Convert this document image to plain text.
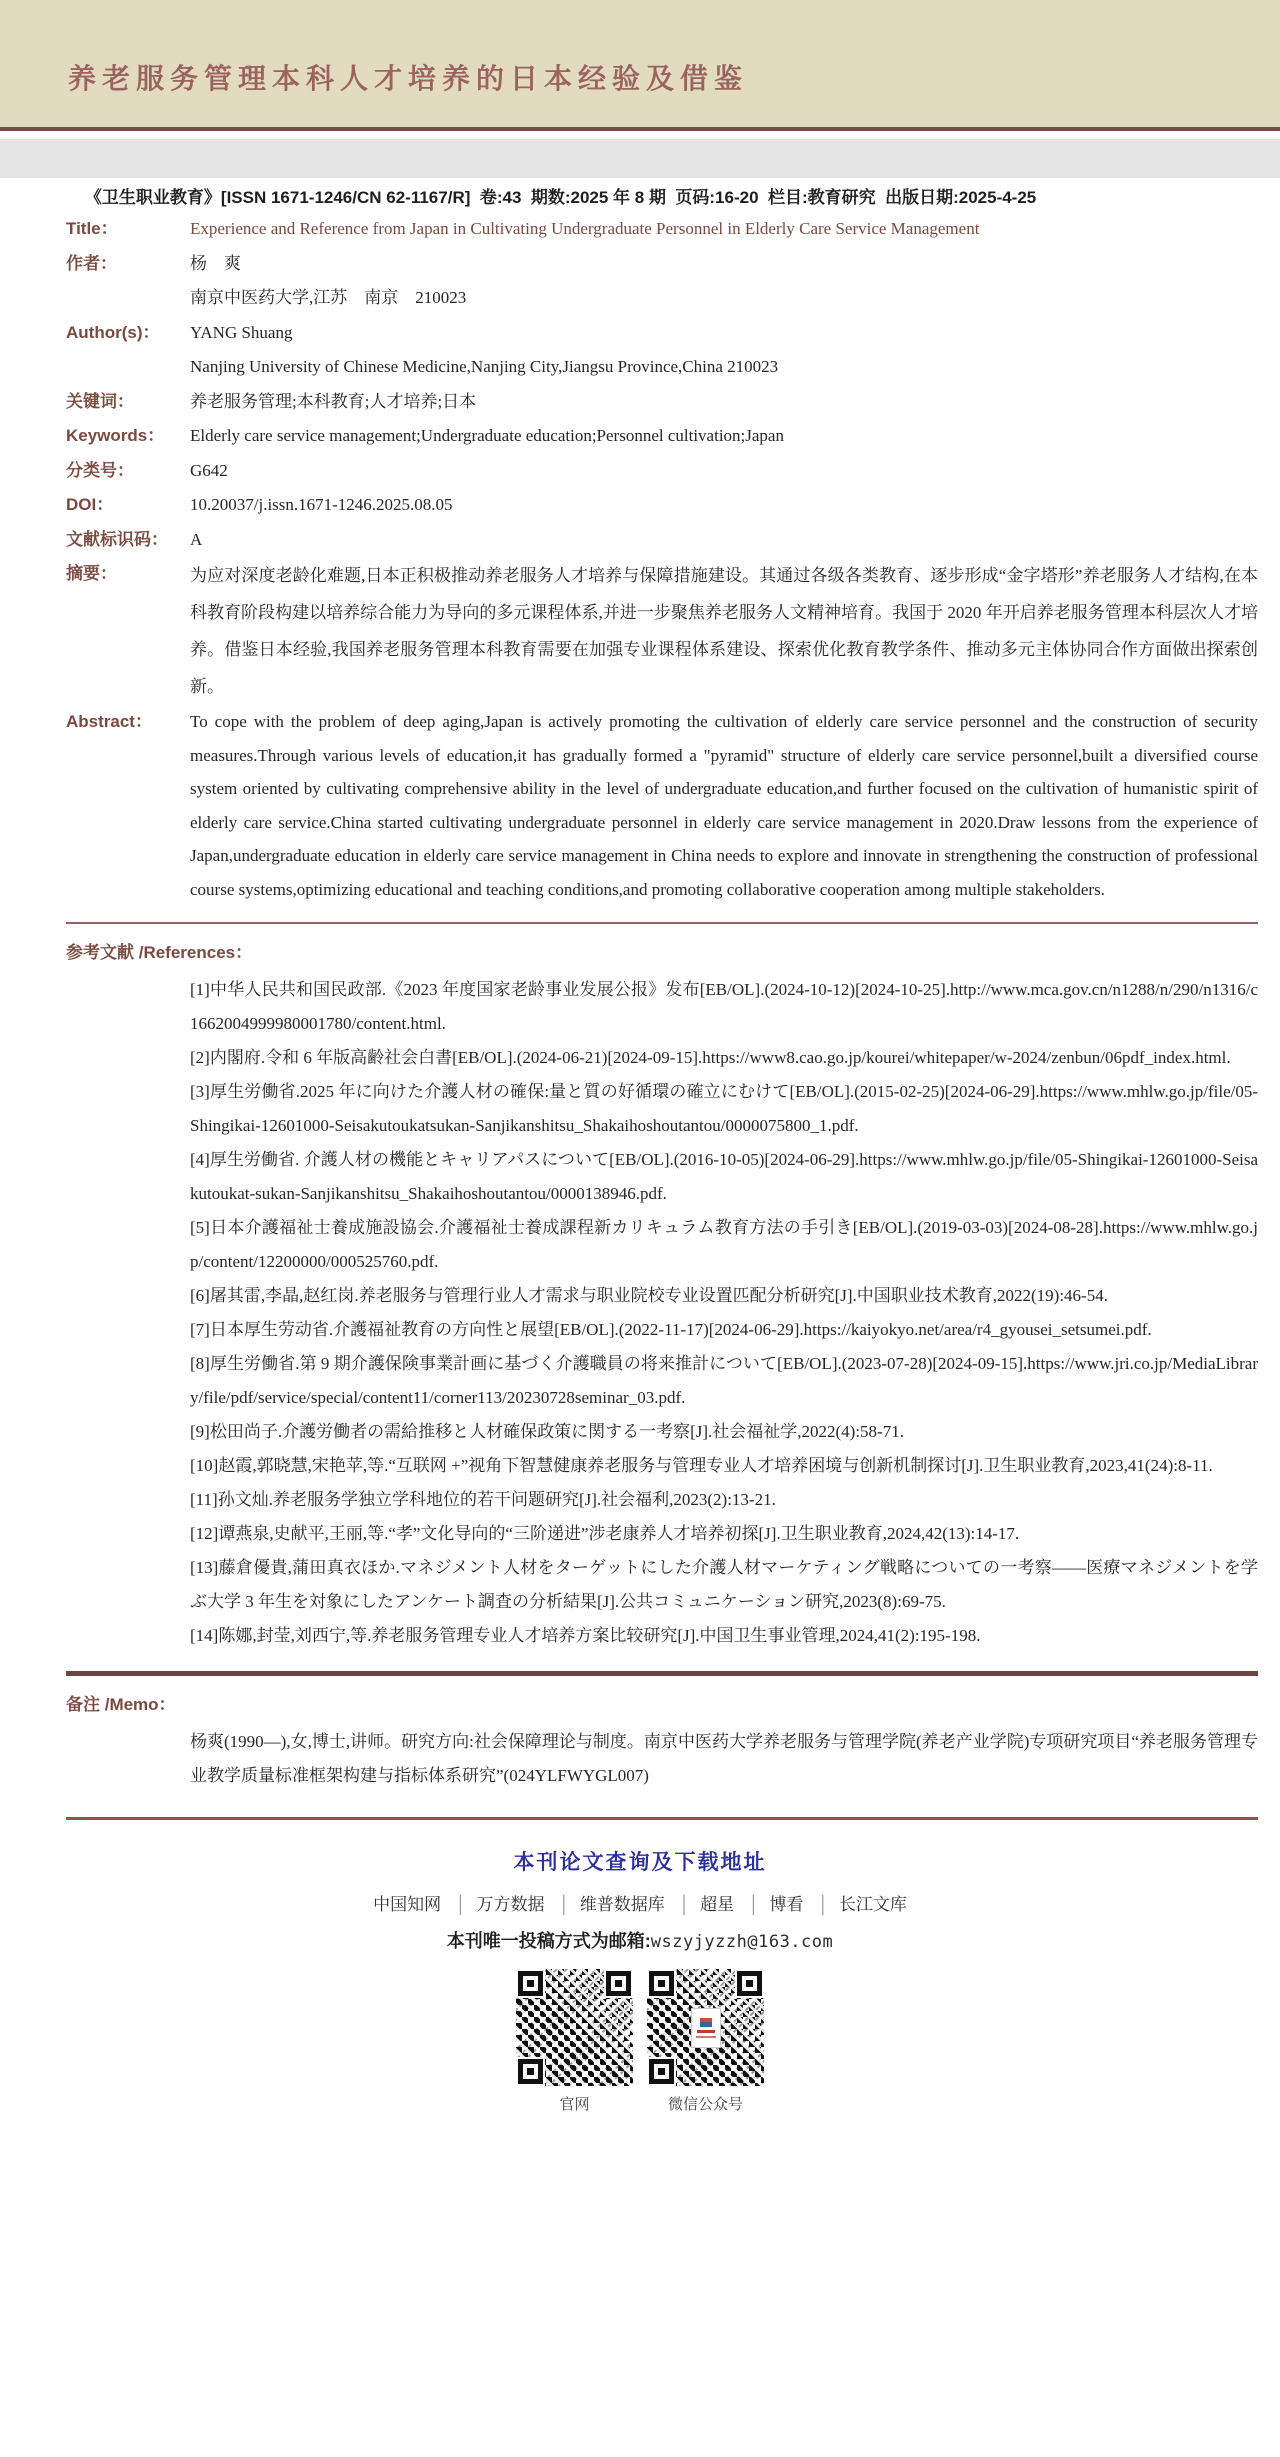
养老服务管理本科人才培养的日本经验及借鉴

《卫生职业教育》[ISSN 1671-1246/CN 62-1167/R]  卷:43  期数:2025 年 8 期  页码:16-20  栏目:教育研究  出版日期:2025-4-25

Title：	Experience and Reference from Japan in Cultivating Undergraduate Personnel in Elderly Care Service Management
作者：	杨　爽
南京中医药大学,江苏　南京　210023
Author(s)：	YANG Shuang
Nanjing University of Chinese Medicine,Nanjing City,Jiangsu Province,China 210023
关键词：	养老服务管理;本科教育;人才培养;日本
Keywords：	Elderly care service management;Undergraduate education;Personnel cultivation;Japan
分类号：	G642
DOI：	10.20037/j.issn.1671-1246.2025.08.05
文献标识码：	A
摘要：	为应对深度老龄化难题,日本正积极推动养老服务人才培养与保障措施建设。其通过各级各类教育、逐步形成“金字塔形”养老服务人才结构,在本科教育阶段构建以培养综合能力为导向的多元课程体系,并进一步聚焦养老服务人文精神培育。我国于 2020 年开启养老服务管理本科层次人才培养。借鉴日本经验,我国养老服务管理本科教育需要在加强专业课程体系建设、探索优化教育教学条件、推动多元主体协同合作方面做出探索创新。
Abstract：	To cope with the problem of deep aging,Japan is actively promoting the cultivation of elderly care service personnel and the construction of security measures.Through various levels of education,it has gradually formed a "pyramid" structure of elderly care service personnel,built a diversified course system oriented by cultivating comprehensive ability in the level of undergraduate education,and further focused on the cultivation of humanistic spirit of elderly care service.China started cultivating undergraduate personnel in elderly care service management in 2020.Draw lessons from the experience of Japan,undergraduate education in elderly care service management in China needs to explore and innovate in strengthening the construction of professional course systems,optimizing educational and teaching conditions,and promoting collaborative cooperation among multiple stakeholders.
参考文献 /References：

[1]中华人民共和国民政部.《2023 年度国家老龄事业发展公报》发布[EB/OL].(2024-10-12)[2024-10-25].http://www.mca.gov.cn/n1288/n/290/n1316/c1662004999980001780/content.html.

[2]内閣府.令和 6 年版高齢社会白書[EB/OL].(2024-06-21)[2024-09-15].https://www8.cao.go.jp/kourei/whitepaper/w-2024/zenbun/06pdf_index.html.

[3]厚生労働省.2025 年に向けた介護人材の確保:量と質の好循環の確立にむけて[EB/OL].(2015-02-25)[2024-06-29].https://www.mhlw.go.jp/file/05-Shingikai-12601000-Seisakutoukatsukan-Sanjikanshitsu_Shakaihoshoutantou/0000075800_1.pdf.

[4]厚生労働省. 介護人材の機能とキャリアパスについて[EB/OL].(2016-10-05)[2024-06-29].https://www.mhlw.go.jp/file/05-Shingikai-12601000-Seisakutoukat-sukan-Sanjikanshitsu_Shakaihoshoutantou/0000138946.pdf.

[5]日本介護福祉士養成施設協会.介護福祉士養成課程新カリキュラム教育方法の手引き[EB/OL].(2019-03-03)[2024-08-28].https://www.mhlw.go.jp/content/12200000/000525760.pdf.

[6]屠其雷,李晶,赵红岗.养老服务与管理行业人才需求与职业院校专业设置匹配分析研究[J].中国职业技术教育,2022(19):46-54.

[7]日本厚生劳动省.介護福祉教育の方向性と展望[EB/OL].(2022-11-17)[2024-06-29].https://kaiyokyo.net/area/r4_gyousei_setsumei.pdf.

[8]厚生労働省.第 9 期介護保険事業計画に基づく介護職員の将来推計について[EB/OL].(2023-07-28)[2024-09-15].https://www.jri.co.jp/MediaLibrary/file/pdf/service/special/content11/corner113/20230728seminar_03.pdf.

[9]松田尚子.介護労働者の需給推移と人材確保政策に関する一考察[J].社会福祉学,2022(4):58-71.

[10]赵霞,郭晓慧,宋艳苹,等.“互联网 +”视角下智慧健康养老服务与管理专业人才培养困境与创新机制探讨[J].卫生职业教育,2023,41(24):8-11.

[11]孙文灿.养老服务学独立学科地位的若干问题研究[J].社会福利,2023(2):13-21.

[12]谭燕泉,史献平,王丽,等.“孝”文化导向的“三阶递进”涉老康养人才培养初探[J].卫生职业教育,2024,42(13):14-17.

[13]藤倉優貴,蒲田真衣ほか.マネジメント人材をターゲットにした介護人材マーケティング戦略についての一考察——医療マネジメントを学ぶ大学 3 年生を対象にしたアンケート調査の分析結果[J].公共コミュニケーション研究,2023(8):69-75.

[14]陈娜,封莹,刘西宁,等.养老服务管理专业人才培养方案比较研究[J].中国卫生事业管理,2024,41(2):195-198.

备注 /Memo：

杨爽(1990—),女,博士,讲师。研究方向:社会保障理论与制度。南京中医药大学养老服务与管理学院(养老产业学院)专项研究项目“养老服务管理专业教学质量标准框架构建与指标体系研究”(024YLFWYGL007)

本刊论文查询及下载地址
中国知网 │ 万方数据 │ 维普数据库 │ 超星 │ 博看 │ 长江文库
本刊唯一投稿方式为邮箱:wszyjyzzh@163.com
官网	微信公众号
